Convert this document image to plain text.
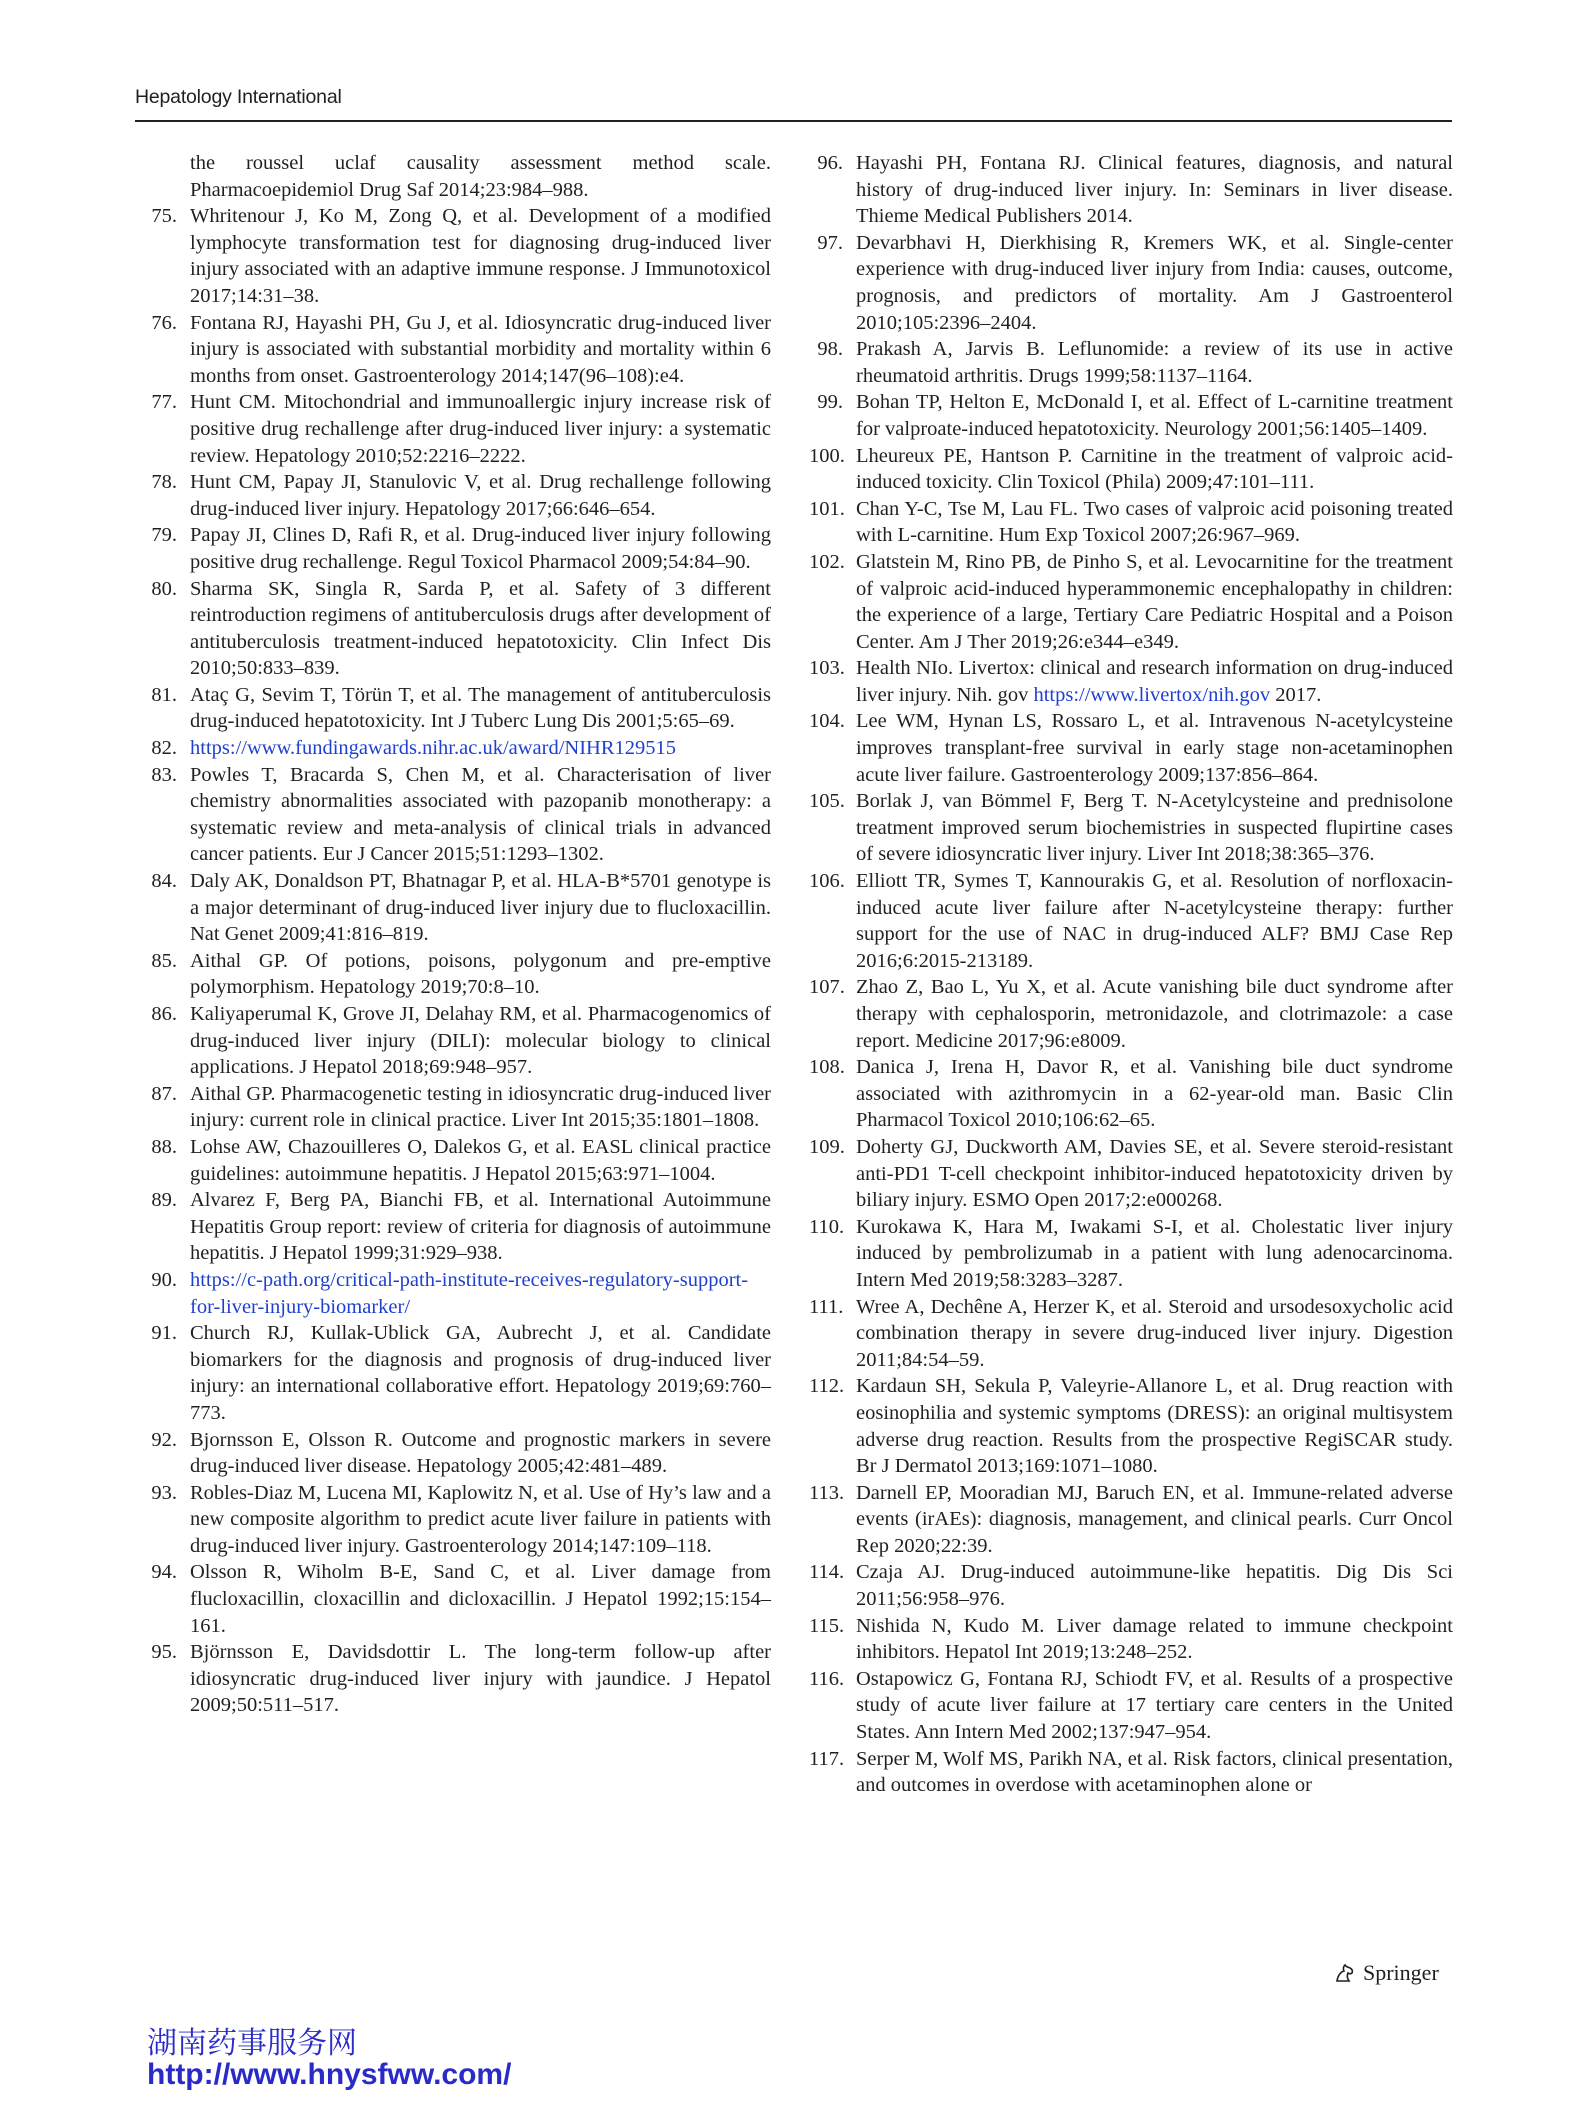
Hepatology International
the roussel uclaf causality assessment method scale. Pharmacoepidemiol Drug Saf 2014;23:984–988.
75. Whritenour J, Ko M, Zong Q, et al. Development of a modified lymphocyte transformation test for diagnosing drug-induced liver injury associated with an adaptive immune response. J Immunotoxicol 2017;14:31–38.
76. Fontana RJ, Hayashi PH, Gu J, et al. Idiosyncratic drug-induced liver injury is associated with substantial morbidity and mortality within 6 months from onset. Gastroenterology 2014;147(96–108):e4.
77. Hunt CM. Mitochondrial and immunoallergic injury increase risk of positive drug rechallenge after drug-induced liver injury: a systematic review. Hepatology 2010;52:2216–2222.
78. Hunt CM, Papay JI, Stanulovic V, et al. Drug rechallenge following drug-induced liver injury. Hepatology 2017;66:646–654.
79. Papay JI, Clines D, Rafi R, et al. Drug-induced liver injury following positive drug rechallenge. Regul Toxicol Pharmacol 2009;54:84–90.
80. Sharma SK, Singla R, Sarda P, et al. Safety of 3 different reintroduction regimens of antituberculosis drugs after development of antituberculosis treatment-induced hepatotoxicity. Clin Infect Dis 2010;50:833–839.
81. Ataç G, Sevim T, Törün T, et al. The management of antituberculosis drug-induced hepatotoxicity. Int J Tuberc Lung Dis 2001;5:65–69.
82. https://www.fundingawards.nihr.ac.uk/award/NIHR129515
83. Powles T, Bracarda S, Chen M, et al. Characterisation of liver chemistry abnormalities associated with pazopanib monotherapy: a systematic review and meta-analysis of clinical trials in advanced cancer patients. Eur J Cancer 2015;51:1293–1302.
84. Daly AK, Donaldson PT, Bhatnagar P, et al. HLA-B*5701 genotype is a major determinant of drug-induced liver injury due to flucloxacillin. Nat Genet 2009;41:816–819.
85. Aithal GP. Of potions, poisons, polygonum and pre-emptive polymorphism. Hepatology 2019;70:8–10.
86. Kaliyaperumal K, Grove JI, Delahay RM, et al. Pharmacogenomics of drug-induced liver injury (DILI): molecular biology to clinical applications. J Hepatol 2018;69:948–957.
87. Aithal GP. Pharmacogenetic testing in idiosyncratic drug-induced liver injury: current role in clinical practice. Liver Int 2015;35:1801–1808.
88. Lohse AW, Chazouilleres O, Dalekos G, et al. EASL clinical practice guidelines: autoimmune hepatitis. J Hepatol 2015;63:971–1004.
89. Alvarez F, Berg PA, Bianchi FB, et al. International Autoimmune Hepatitis Group report: review of criteria for diagnosis of autoimmune hepatitis. J Hepatol 1999;31:929–938.
90. https://c-path.org/critical-path-institute-receives-regulatory-support-for-liver-injury-biomarker/
91. Church RJ, Kullak-Ublick GA, Aubrecht J, et al. Candidate biomarkers for the diagnosis and prognosis of drug-induced liver injury: an international collaborative effort. Hepatology 2019;69:760–773.
92. Bjornsson E, Olsson R. Outcome and prognostic markers in severe drug-induced liver disease. Hepatology 2005;42:481–489.
93. Robles-Diaz M, Lucena MI, Kaplowitz N, et al. Use of Hy’s law and a new composite algorithm to predict acute liver failure in patients with drug-induced liver injury. Gastroenterology 2014;147:109–118.
94. Olsson R, Wiholm B-E, Sand C, et al. Liver damage from flucloxacillin, cloxacillin and dicloxacillin. J Hepatol 1992;15:154–161.
95. Björnsson E, Davidsdottir L. The long-term follow-up after idiosyncratic drug-induced liver injury with jaundice. J Hepatol 2009;50:511–517.
96. Hayashi PH, Fontana RJ. Clinical features, diagnosis, and natural history of drug-induced liver injury. In: Seminars in liver disease. Thieme Medical Publishers 2014.
97. Devarbhavi H, Dierkhising R, Kremers WK, et al. Single-center experience with drug-induced liver injury from India: causes, outcome, prognosis, and predictors of mortality. Am J Gastroenterol 2010;105:2396–2404.
98. Prakash A, Jarvis B. Leflunomide: a review of its use in active rheumatoid arthritis. Drugs 1999;58:1137–1164.
99. Bohan TP, Helton E, McDonald I, et al. Effect of L-carnitine treatment for valproate-induced hepatotoxicity. Neurology 2001;56:1405–1409.
100. Lheureux PE, Hantson P. Carnitine in the treatment of valproic acid-induced toxicity. Clin Toxicol (Phila) 2009;47:101–111.
101. Chan Y-C, Tse M, Lau FL. Two cases of valproic acid poisoning treated with L-carnitine. Hum Exp Toxicol 2007;26:967–969.
102. Glatstein M, Rino PB, de Pinho S, et al. Levocarnitine for the treatment of valproic acid-induced hyperammonemic encephalopathy in children: the experience of a large, Tertiary Care Pediatric Hospital and a Poison Center. Am J Ther 2019;26:e344–e349.
103. Health NIo. Livertox: clinical and research information on drug-induced liver injury. Nih. gov https://www.livertox/nih.gov 2017.
104. Lee WM, Hynan LS, Rossaro L, et al. Intravenous N-acetylcysteine improves transplant-free survival in early stage non-acetaminophen acute liver failure. Gastroenterology 2009;137:856–864.
105. Borlak J, van Bömmel F, Berg T. N-Acetylcysteine and prednisolone treatment improved serum biochemistries in suspected flupirtine cases of severe idiosyncratic liver injury. Liver Int 2018;38:365–376.
106. Elliott TR, Symes T, Kannourakis G, et al. Resolution of norfloxacin-induced acute liver failure after N-acetylcysteine therapy: further support for the use of NAC in drug-induced ALF? BMJ Case Rep 2016;6:2015-213189.
107. Zhao Z, Bao L, Yu X, et al. Acute vanishing bile duct syndrome after therapy with cephalosporin, metronidazole, and clotrimazole: a case report. Medicine 2017;96:e8009.
108. Danica J, Irena H, Davor R, et al. Vanishing bile duct syndrome associated with azithromycin in a 62-year-old man. Basic Clin Pharmacol Toxicol 2010;106:62–65.
109. Doherty GJ, Duckworth AM, Davies SE, et al. Severe steroid-resistant anti-PD1 T-cell checkpoint inhibitor-induced hepatotoxicity driven by biliary injury. ESMO Open 2017;2:e000268.
110. Kurokawa K, Hara M, Iwakami S-I, et al. Cholestatic liver injury induced by pembrolizumab in a patient with lung adenocarcinoma. Intern Med 2019;58:3283–3287.
111. Wree A, Dechêne A, Herzer K, et al. Steroid and ursodesoxycholic acid combination therapy in severe drug-induced liver injury. Digestion 2011;84:54–59.
112. Kardaun SH, Sekula P, Valeyrie-Allanore L, et al. Drug reaction with eosinophilia and systemic symptoms (DRESS): an original multisystem adverse drug reaction. Results from the prospective RegiSCAR study. Br J Dermatol 2013;169:1071–1080.
113. Darnell EP, Mooradian MJ, Baruch EN, et al. Immune-related adverse events (irAEs): diagnosis, management, and clinical pearls. Curr Oncol Rep 2020;22:39.
114. Czaja AJ. Drug-induced autoimmune-like hepatitis. Dig Dis Sci 2011;56:958–976.
115. Nishida N, Kudo M. Liver damage related to immune checkpoint inhibitors. Hepatol Int 2019;13:248–252.
116. Ostapowicz G, Fontana RJ, Schiodt FV, et al. Results of a prospective study of acute liver failure at 17 tertiary care centers in the United States. Ann Intern Med 2002;137:947–954.
117. Serper M, Wolf MS, Parikh NA, et al. Risk factors, clinical presentation, and outcomes in overdose with acetaminophen alone or
Springer
湖南药事服务网
http://www.hnysfww.com/
